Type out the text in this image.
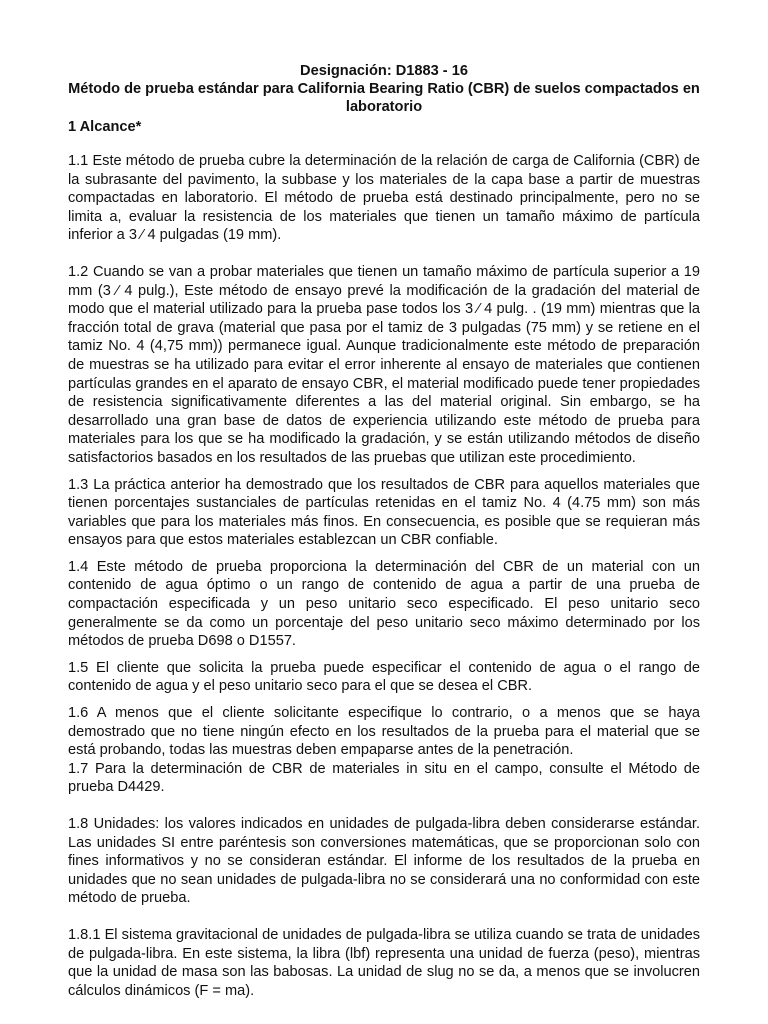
Designación: D1883 - 16
Método de prueba estándar para California Bearing Ratio (CBR) de suelos compactados en
laboratorio
1 Alcance*

1.1 Este método de prueba cubre la determinación de la relación de carga de California (CBR) de la subrasante del pavimento, la subbase y los materiales de la capa base a partir de muestras compactadas en laboratorio. El método de prueba está destinado principalmente, pero no se limita a, evaluar la resistencia de los materiales que tienen un tamaño máximo de partícula inferior a 3 ⁄ 4 pulgadas (19 mm).

1.2 Cuando se van a probar materiales que tienen un tamaño máximo de partícula superior a 19 mm (3 ⁄ 4 pulg.), Este método de ensayo prevé la modificación de la gradación del material de modo que el material utilizado para la prueba pase todos los 3 ⁄ 4 pulg. . (19 mm) mientras que la fracción total de grava (material que pasa por el tamiz de 3 pulgadas (75 mm) y se retiene en el tamiz No. 4 (4,75 mm)) permanece igual. Aunque tradicionalmente este método de preparación de muestras se ha utilizado para evitar el error inherente al ensayo de materiales que contienen partículas grandes en el aparato de ensayo CBR, el material modificado puede tener propiedades de resistencia significativamente diferentes a las del material original. Sin embargo, se ha desarrollado una gran base de datos de experiencia utilizando este método de prueba para materiales para los que se ha modificado la gradación, y se están utilizando métodos de diseño satisfactorios basados en los resultados de las pruebas que utilizan este procedimiento.

1.3 La práctica anterior ha demostrado que los resultados de CBR para aquellos materiales que tienen porcentajes sustanciales de partículas retenidas en el tamiz No. 4 (4.75 mm) son más variables que para los materiales más finos. En consecuencia, es posible que se requieran más ensayos para que estos materiales establezcan un CBR confiable.

1.4 Este método de prueba proporciona la determinación del CBR de un material con un contenido de agua óptimo o un rango de contenido de agua a partir de una prueba de compactación especificada y un peso unitario seco especificado. El peso unitario seco generalmente se da como un porcentaje del peso unitario seco máximo determinado por los métodos de prueba D698 o D1557.

1.5 El cliente que solicita la prueba puede especificar el contenido de agua o el rango de contenido de agua y el peso unitario seco para el que se desea el CBR.

1.6 A menos que el cliente solicitante especifique lo contrario, o a menos que se haya demostrado que no tiene ningún efecto en los resultados de la prueba para el material que se está probando, todas las muestras deben empaparse antes de la penetración.

1.7 Para la determinación de CBR de materiales in situ en el campo, consulte el Método de prueba D4429.

1.8 Unidades: los valores indicados en unidades de pulgada-libra deben considerarse estándar. Las unidades SI entre paréntesis son conversiones matemáticas, que se proporcionan solo con fines informativos y no se consideran estándar. El informe de los resultados de la prueba en unidades que no sean unidades de pulgada-libra no se considerará una no conformidad con este método de prueba.

1.8.1 El sistema gravitacional de unidades de pulgada-libra se utiliza cuando se trata de unidades de pulgada-libra. En este sistema, la libra (lbf) representa una unidad de fuerza (peso), mientras que la unidad de masa son las babosas. La unidad de slug no se da, a menos que se involucren cálculos dinámicos (F = ma).
